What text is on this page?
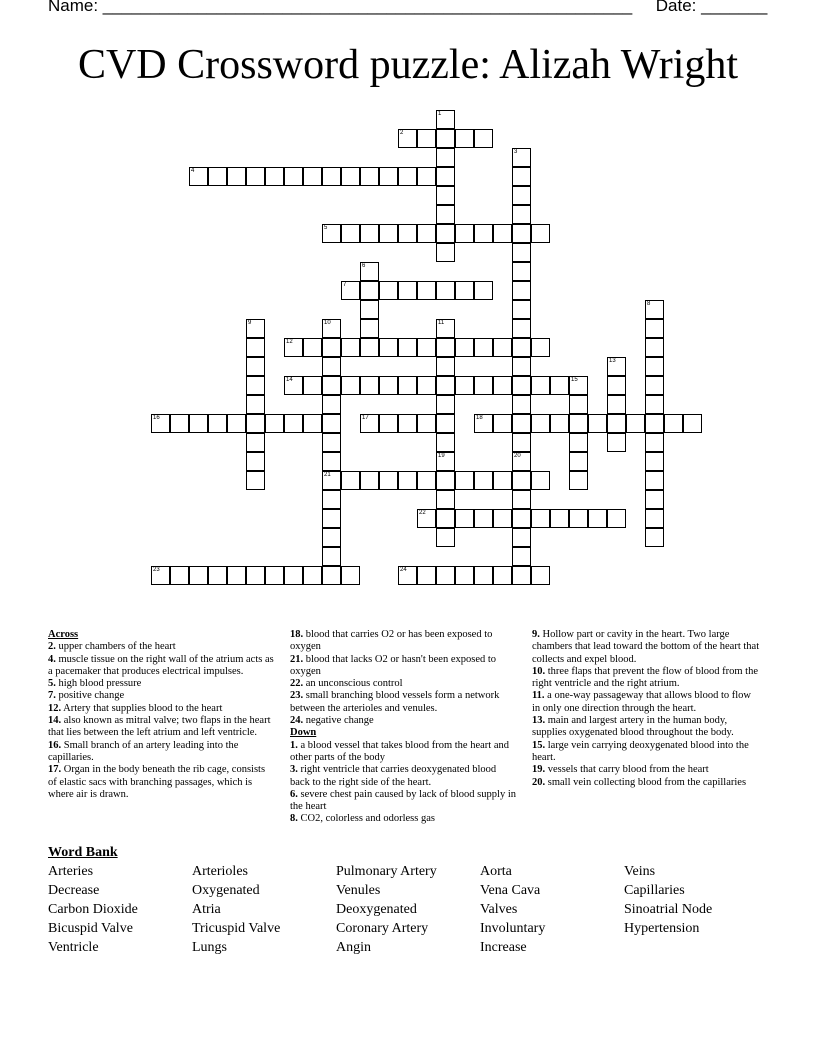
Name: ________________________________________________________ Date: _______
CVD Crossword puzzle: Alizah Wright
1
2
3
20
4
5
6
7
8
9	10
21
11
19
12
13
14	15
16	17	18
22
23	24

Across

2. upper chambers of the heart

4. muscle tissue on the right wall of the atrium acts as a pacemaker that produces electrical impulses.

5. high blood pressure

7. positive change

12. Artery that supplies blood to the heart

14. also known as mitral valve; two flaps in the heart that lies between the left atrium and left ventricle.

16. Small branch of an artery leading into the capillaries.

17. Organ in the body beneath the rib cage, consists of elastic sacs with branching passages, which is where air is drawn.

18. blood that carries O2 or has been exposed to oxygen

21. blood that lacks O2 or hasn't been exposed to oxygen

22. an unconscious control

23. small branching blood vessels form a network between the arterioles and venules.

24. negative change

Down

1. a blood vessel that takes blood from the heart and other parts of the body

3. right ventricle that carries deoxygenated blood back to the right side of the heart.

6. severe chest pain caused by lack of blood supply in the heart

8. CO2, colorless and odorless gas

9. Hollow part or cavity in the heart. Two large chambers that lead toward the bottom of the heart that collects and expel blood.

10. three flaps that prevent the flow of blood from the right ventricle and the right atrium.

11. a one-way passageway that allows blood to flow in only one direction through the heart.

13. main and largest artery in the human body, supplies oxygenated blood throughout the body.

15. large vein carrying deoxygenated blood into the heart.

19. vessels that carry blood from the heart

20. small vein collecting blood from the capillaries

Word Bank
Arteries	Arterioles	Pulmonary Artery	Aorta	Veins
Decrease	Oxygenated	Venules	Vena Cava	Capillaries
Carbon Dioxide	Atria	Deoxygenated	Valves	Sinoatrial Node
Bicuspid Valve	Tricuspid Valve	Coronary Artery	Involuntary	Hypertension
Ventricle	Lungs	Angin	Increase
